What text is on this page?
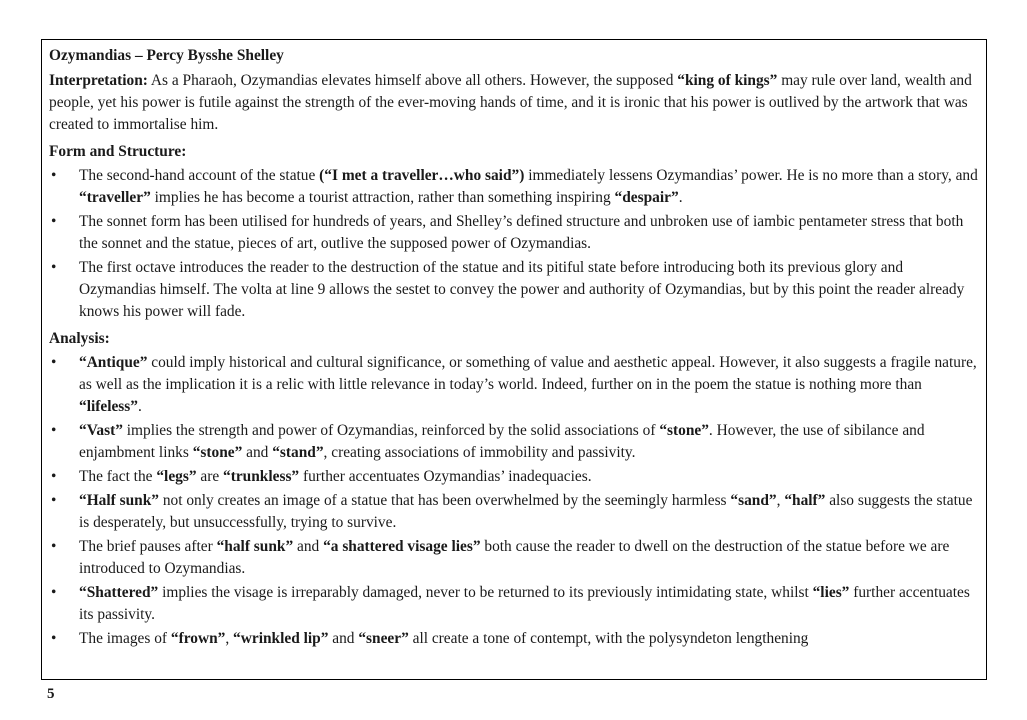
Ozymandias – Percy Bysshe Shelley

Interpretation: As a Pharaoh, Ozymandias elevates himself above all others. However, the supposed “king of kings” may rule over land, wealth and people, yet his power is futile against the strength of the ever-moving hands of time, and it is ironic that his power is outlived by the artwork that was created to immortalise him.

Form and Structure:

• The second-hand account of the statue (“I met a traveller…who said”) immediately lessens Ozymandias’ power. He is no more than a story, and “traveller” implies he has become a tourist attraction, rather than something inspiring “despair”.
• The sonnet form has been utilised for hundreds of years, and Shelley’s defined structure and unbroken use of iambic pentameter stress that both the sonnet and the statue, pieces of art, outlive the supposed power of Ozymandias.
• The first octave introduces the reader to the destruction of the statue and its pitiful state before introducing both its previous glory and Ozymandias himself. The volta at line 9 allows the sestet to convey the power and authority of Ozymandias, but by this point the reader already knows his power will fade.

Analysis:

• “Antique” could imply historical and cultural significance, or something of value and aesthetic appeal. However, it also suggests a fragile nature, as well as the implication it is a relic with little relevance in today’s world. Indeed, further on in the poem the statue is nothing more than “lifeless”.
• “Vast” implies the strength and power of Ozymandias, reinforced by the solid associations of “stone”. However, the use of sibilance and enjambment links “stone” and “stand”, creating associations of immobility and passivity.
• The fact the “legs” are “trunkless” further accentuates Ozymandias’ inadequacies.
• “Half sunk” not only creates an image of a statue that has been overwhelmed by the seemingly harmless “sand”, “half” also suggests the statue is desperately, but unsuccessfully, trying to survive.
• The brief pauses after “half sunk” and “a shattered visage lies” both cause the reader to dwell on the destruction of the statue before we are introduced to Ozymandias.
• “Shattered” implies the visage is irreparably damaged, never to be returned to its previously intimidating state, whilst “lies” further accentuates its passivity.
• The images of “frown”, “wrinkled lip” and “sneer” all create a tone of contempt, with the polysyndeton lengthening
5
